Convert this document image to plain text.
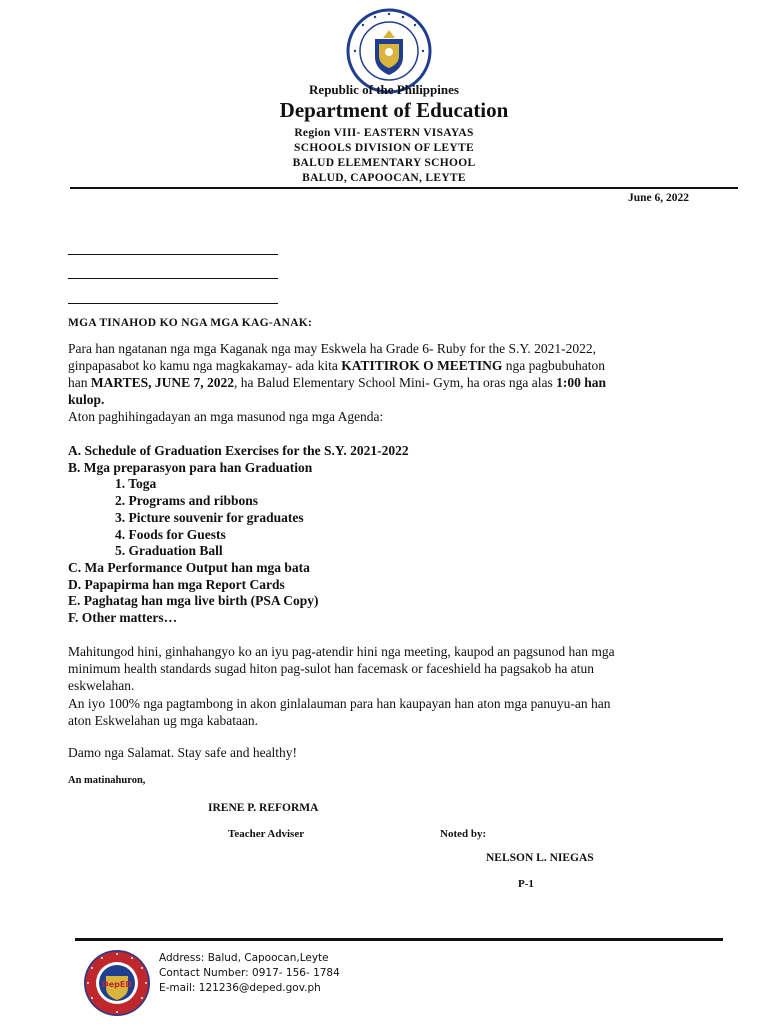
Republic of the Philippines
Department of Education
Region VIII- EASTERN VISAYAS
SCHOOLS DIVISION OF LEYTE
BALUD ELEMENTARY SCHOOL
BALUD, CAPOOCAN, LEYTE
June 6, 2022
MGA TINAHOD KO NGA MGA KAG-ANAK:
Para han ngatanan nga mga Kaganak nga may Eskwela ha Grade 6- Ruby for the S.Y. 2021-2022,
ginpapasabot ko kamu nga magkakamay- ada kita KATITIROK O MEETING nga pagbubuhaton
han MARTES, JUNE 7, 2022, ha Balud Elementary School Mini- Gym, ha oras nga alas 1:00 han
kulop.
Aton paghihingadayan an mga masunod nga mga Agenda:
A. Schedule of Graduation Exercises for the S.Y. 2021-2022
B. Mga preparasyon para han Graduation
1. Toga
2. Programs and ribbons
3. Picture souvenir for graduates
4. Foods for Guests
5. Graduation Ball
C. Ma Performance Output han mga bata
D. Papapirma han mga Report Cards
E. Paghatag han mga live birth (PSA Copy)
F. Other matters…
Mahitungod hini, ginhahangyo ko an iyu pag-atendir hini nga meeting, kaupod an pagsunod han mga
minimum health standards sugad hiton pag-sulot han facemask or faceshield ha pagsakob ha atun
eskwelahan.
An iyo 100% nga pagtambong in akon ginlalauman para han kaupayan han aton mga panuyu-an han
aton Eskwelahan ug mga kabataan.
Damo nga Salamat. Stay safe and healthy!
An matinahuron,
IRENE P. REFORMA
Teacher Adviser	Noted by:
NELSON L. NIEGAS
P-1
DepED
Address: Balud, Capoocan,Leyte
Contact Number: 0917- 156- 1784
E-mail: 121236@deped.gov.ph
